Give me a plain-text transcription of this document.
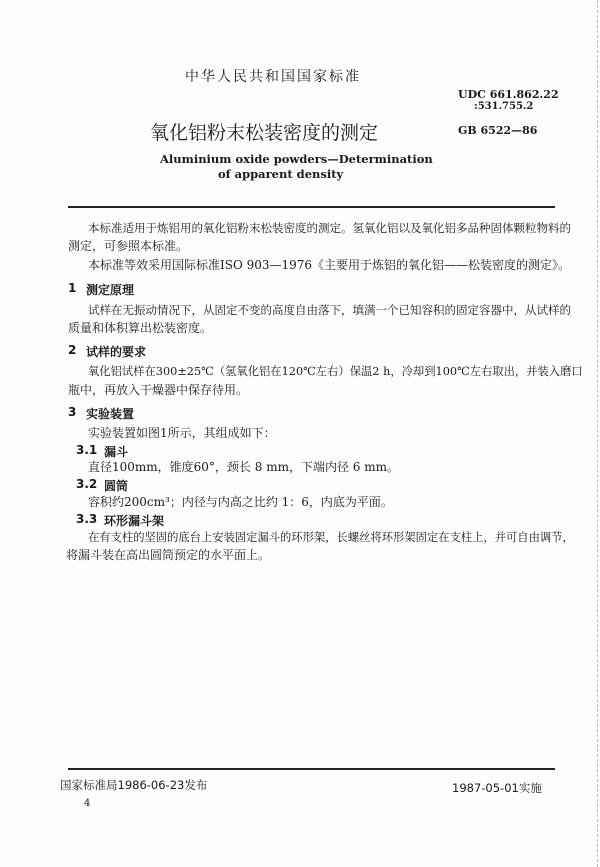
中华人民共和国国家标准
UDC 661.862.22
:531.755.2
氧化铝粉末松装密度的测定	GB 6522—86
Aluminium oxide powders—Determination
of apparent density
本标准适用于炼铝用的氧化铝粉末松装密度的测定。氢氧化铝以及氧化铝多品种固体颗粒物料的
测定，可参照本标准。
本标准等效采用国际标准ISO 903—1976《主要用于炼铝的氧化铝——松装密度的测定》。
1 测定原理
试样在无振动情况下，从固定不变的高度自由落下，填满一个已知容积的固定容器中，从试样的
质量和体积算出松装密度。
2 试样的要求
氧化铝试样在300±25℃（氢氧化铝在120℃左右）保温2 h，冷却到100℃左右取出，并装入磨口
瓶中，再放入干燥器中保存待用。
3 实验装置
实验装置如图1所示，其组成如下：
3.1 漏斗
直径100mm，锥度60°，颈长 8 mm，下端内径 6 mm。
3.2 圆筒
容积约200cm³；内径与内高之比约 1：6，内底为平面。
3.3 环形漏斗架
在有支柱的坚固的底台上安装固定漏斗的环形架，长螺丝将环形架固定在支柱上，并可自由调节，
将漏斗装在高出圆筒预定的水平面上。
国家标准局1986-06-23发布	1987-05-01实施
4
